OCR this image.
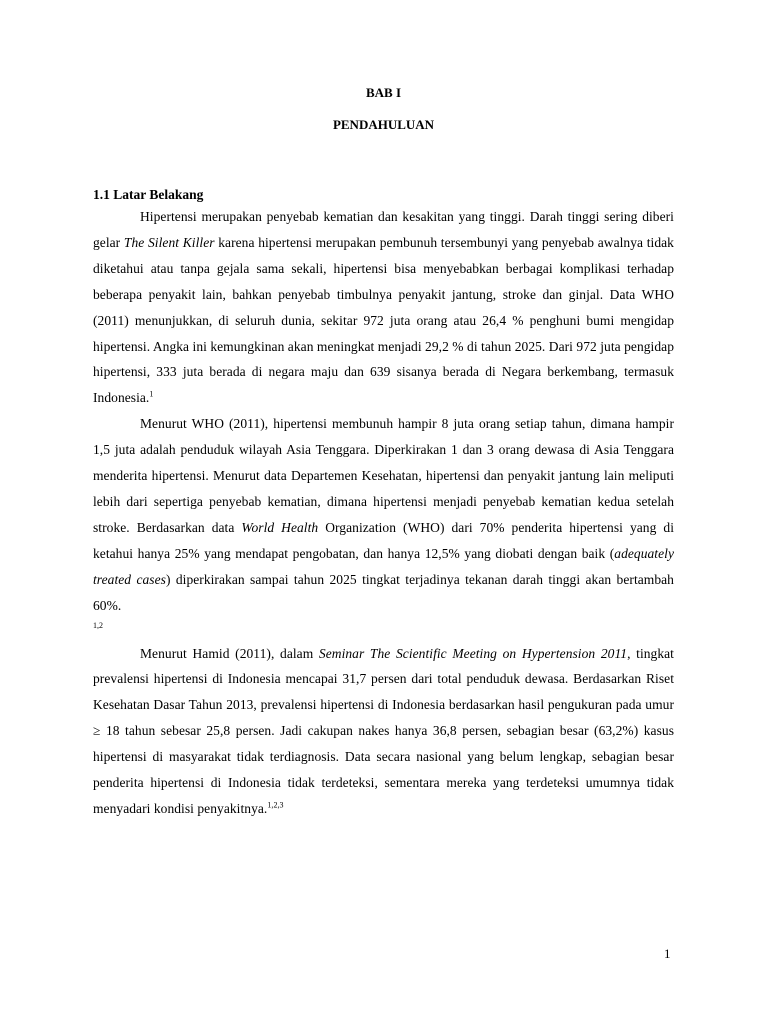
BAB I

PENDAHULUAN

1.1 Latar Belakang

Hipertensi merupakan penyebab kematian dan kesakitan yang tinggi. Darah tinggi sering diberi gelar The Silent Killer karena hipertensi merupakan pembunuh tersembunyi yang penyebab awalnya tidak diketahui atau tanpa gejala sama sekali, hipertensi bisa menyebabkan berbagai komplikasi terhadap beberapa penyakit lain, bahkan penyebab timbulnya penyakit jantung, stroke dan ginjal. Data WHO (2011) menunjukkan, di seluruh dunia, sekitar 972 juta orang atau 26,4 % penghuni bumi mengidap hipertensi. Angka ini kemungkinan akan meningkat menjadi 29,2 % di tahun 2025. Dari 972 juta pengidap hipertensi, 333 juta berada di negara maju dan 639 sisanya berada di Negara berkembang, termasuk Indonesia.$^1$

Menurut WHO (2011), hipertensi membunuh hampir 8 juta orang setiap tahun, dimana hampir 1,5 juta adalah penduduk wilayah Asia Tenggara. Diperkirakan 1 dan 3 orang dewasa di Asia Tenggara menderita hipertensi. Menurut data Departemen Kesehatan, hipertensi dan penyakit jantung lain meliputi lebih dari sepertiga penyebab kematian, dimana hipertensi menjadi penyebab kematian kedua setelah stroke. Berdasarkan data World Health Organization (WHO) dari 70% penderita hipertensi yang di ketahui hanya 25% yang mendapat pengobatan, dan hanya 12,5% yang diobati dengan baik (adequately treated cases) diperkirakan sampai tahun 2025 tingkat terjadinya tekanan darah tinggi akan bertambah 60%.

1,2

Menurut Hamid (2011), dalam Seminar The Scientific Meeting on Hypertension 2011, tingkat prevalensi hipertensi di Indonesia mencapai 31,7 persen dari total penduduk dewasa. Berdasarkan Riset Kesehatan Dasar Tahun 2013, prevalensi hipertensi di Indonesia berdasarkan hasil pengukuran pada umur ≥ 18 tahun sebesar 25,8 persen. Jadi cakupan nakes hanya 36,8 persen, sebagian besar (63,2%) kasus hipertensi di masyarakat tidak terdiagnosis. Data secara nasional yang belum lengkap, sebagian besar penderita hipertensi di Indonesia tidak terdeteksi, sementara mereka yang terdeteksi umumnya tidak menyadari kondisi penyakitnya.$^{1,2,3}$

1
